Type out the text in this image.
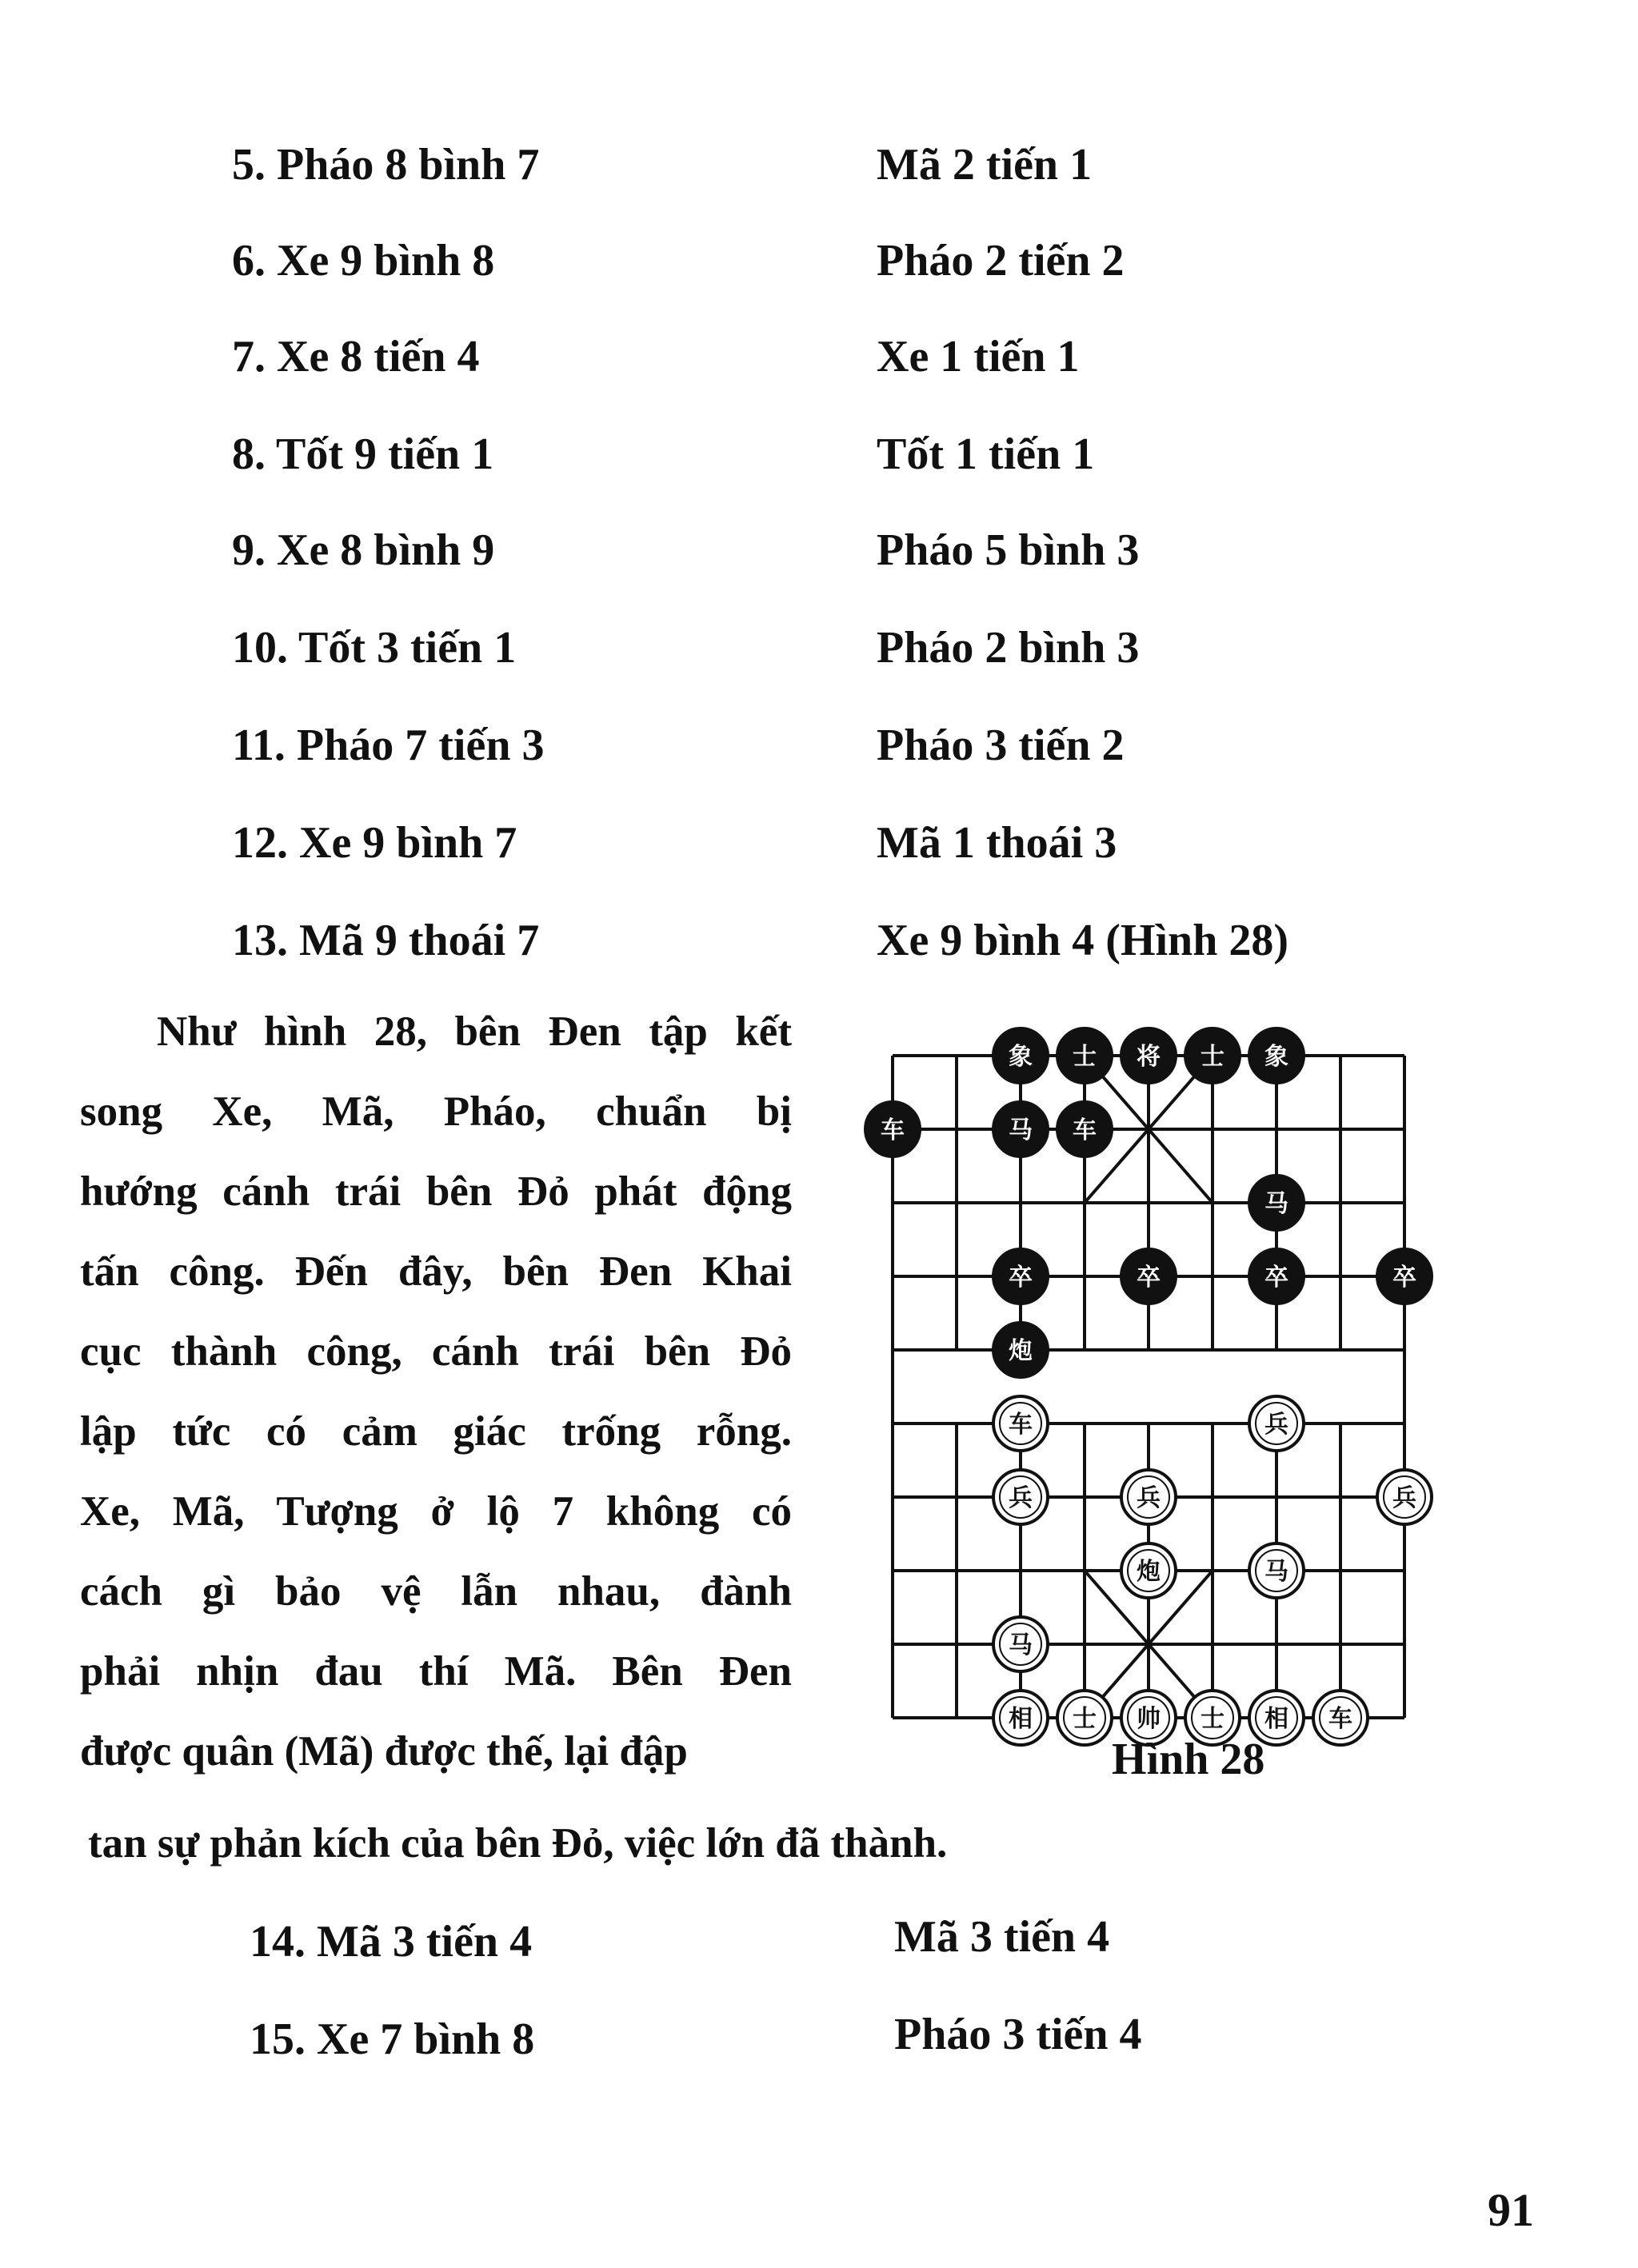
5. Pháo 8 bình 7	Mã 2 tiến 1
6. Xe 9 bình 8	Pháo 2 tiến 2
7. Xe 8 tiến 4	Xe 1 tiến 1
8. Tốt 9 tiến 1	Tốt 1 tiến 1
9. Xe 8 bình 9	Pháo 5 bình 3
10. Tốt 3 tiến 1	Pháo 2 bình 3
11. Pháo 7 tiến 3	Pháo 3 tiến 2
12. Xe 9 bình 7	Mã 1 thoái 3
13. Mã 9 thoái 7	Xe 9 bình 4 (Hình 28)
Như hình 28, bên Đen tập kết
song Xe, Mã, Pháo, chuẩn bị
hướng cánh trái bên Đỏ phát động
tấn công. Đến đây, bên Đen Khai
cục thành công, cánh trái bên Đỏ
lập tức có cảm giác trống rỗng.
Xe, Mã, Tượng ở lộ 7 không có
cách gì bảo vệ lẫn nhau, đành
phải nhịn đau thí Mã. Bên Đen
được quân (Mã) được thế, lại đập
tan sự phản kích của bên Đỏ, việc lớn đã thành.
象 士 将 士 象
车	马 车
马
卒	卒	卒	卒
炮
车	兵
兵	兵	兵
炮	马
马
相 士 帅 士 相 车
Hình 28
14. Mã 3 tiến 4	Mã 3 tiến 4
15. Xe 7 bình 8	Pháo 3 tiến 4
91
